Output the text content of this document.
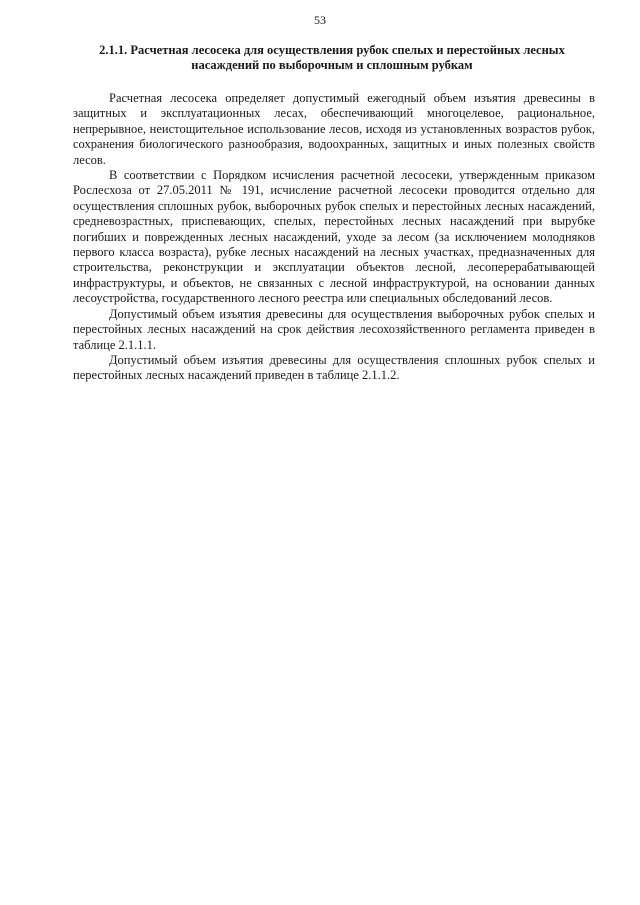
53
2.1.1. Расчетная лесосека для осуществления рубок спелых и перестойных лесных
насаждений по выборочным и сплошным рубкам

Расчетная лесосека определяет допустимый ежегодный объем изъятия древесины в защитных и эксплуатационных лесах, обеспечивающий многоцелевое, рациональное, непрерывное, неистощительное использование лесов, исходя из установленных возрастов рубок, сохранения биологического разнообразия, водоохранных, защитных и иных полезных свойств лесов.

В соответствии с Порядком исчисления расчетной лесосеки, утвержденным приказом Рослесхоза от 27.05.2011 № 191, исчисление расчетной лесосеки проводится отдельно для осуществления сплошных рубок, выборочных рубок спелых и перестойных лесных насаждений, средневозрастных, приспевающих, спелых, перестойных лесных насаждений при вырубке погибших и поврежденных лесных насаждений, уходе за лесом (за исключением молодняков первого класса возраста), рубке лесных насаждений на лесных участках, предназначенных для строительства, реконструкции и эксплуатации объектов лесной, лесоперерабатывающей инфраструктуры, и объектов, не связанных с лесной инфраструктурой, на основании данных лесоустройства, государственного лесного реестра или специальных обследований лесов.

Допустимый объем изъятия древесины для осуществления выборочных рубок спелых и перестойных лесных насаждений на срок действия лесохозяйственного регламента приведен в таблице 2.1.1.1.

Допустимый объем изъятия древесины для осуществления сплошных рубок спелых и перестойных лесных насаждений приведен в таблице 2.1.1.2.
